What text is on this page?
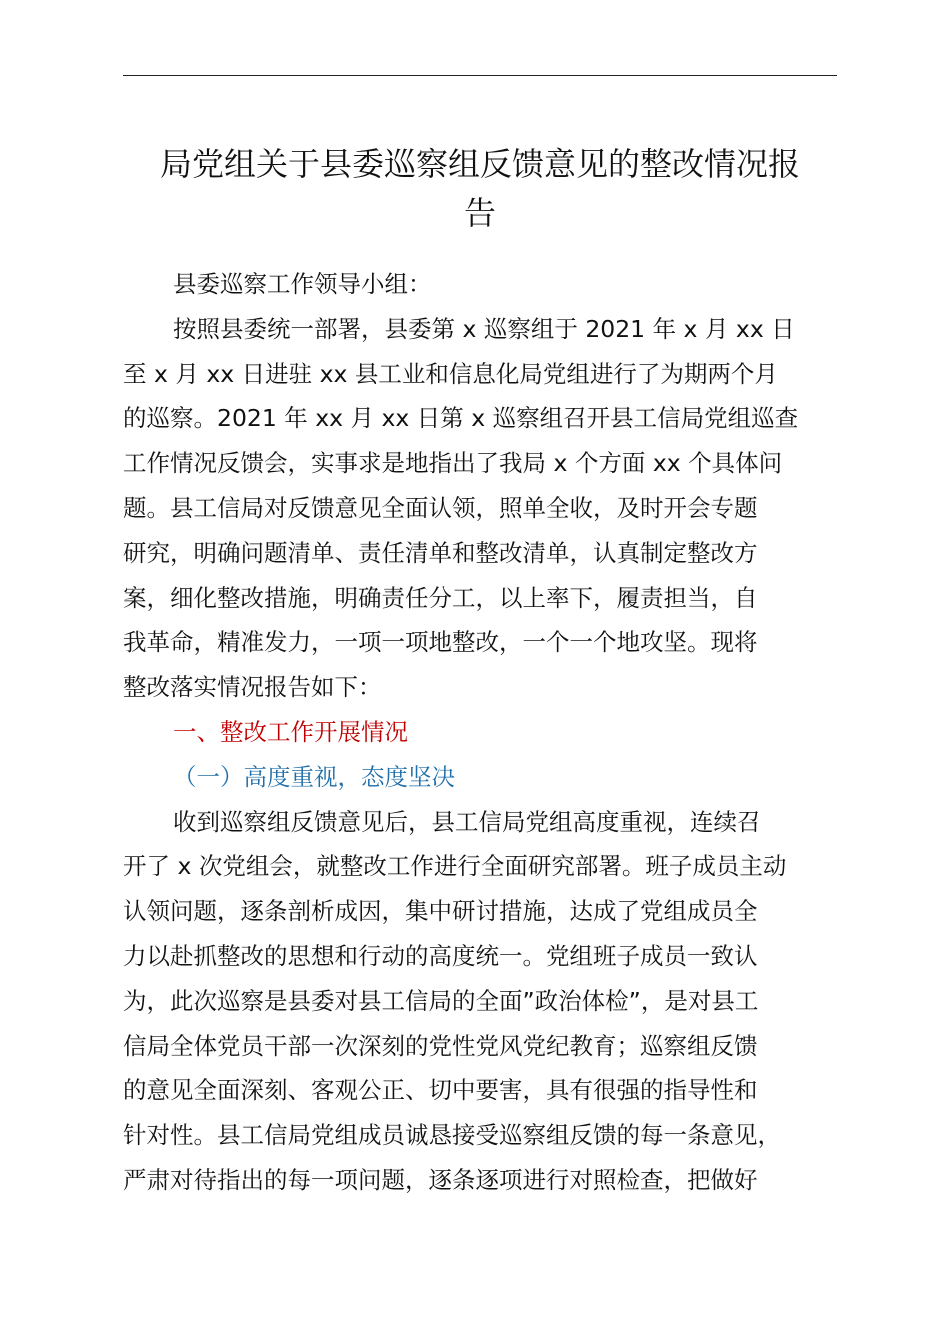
局党组关于县委巡察组反馈意见的整改情况报
告
县委巡察工作领导小组：
按照县委统一部署，县委第 x 巡察组于 2021 年 x 月 xx 日
至 x 月 xx 日进驻 xx 县工业和信息化局党组进行了为期两个月
的巡察。2021 年 xx 月 xx 日第 x 巡察组召开县工信局党组巡查
工作情况反馈会，实事求是地指出了我局 x 个方面 xx 个具体问
题。县工信局对反馈意见全面认领，照单全收，及时开会专题
研究，明确问题清单、责任清单和整改清单，认真制定整改方
案，细化整改措施，明确责任分工，以上率下，履责担当，自
我革命，精准发力，一项一项地整改，一个一个地攻坚。现将
整改落实情况报告如下：
一、整改工作开展情况
（一）高度重视，态度坚决
收到巡察组反馈意见后，县工信局党组高度重视，连续召
开了 x 次党组会，就整改工作进行全面研究部署。班子成员主动
认领问题，逐条剖析成因，集中研讨措施，达成了党组成员全
力以赴抓整改的思想和行动的高度统一。党组班子成员一致认
为，此次巡察是县委对县工信局的全面”政治体检”，是对县工
信局全体党员干部一次深刻的党性党风党纪教育；巡察组反馈
的意见全面深刻、客观公正、切中要害，具有很强的指导性和
针对性。县工信局党组成员诚恳接受巡察组反馈的每一条意见，
严肃对待指出的每一项问题，逐条逐项进行对照检查，把做好
